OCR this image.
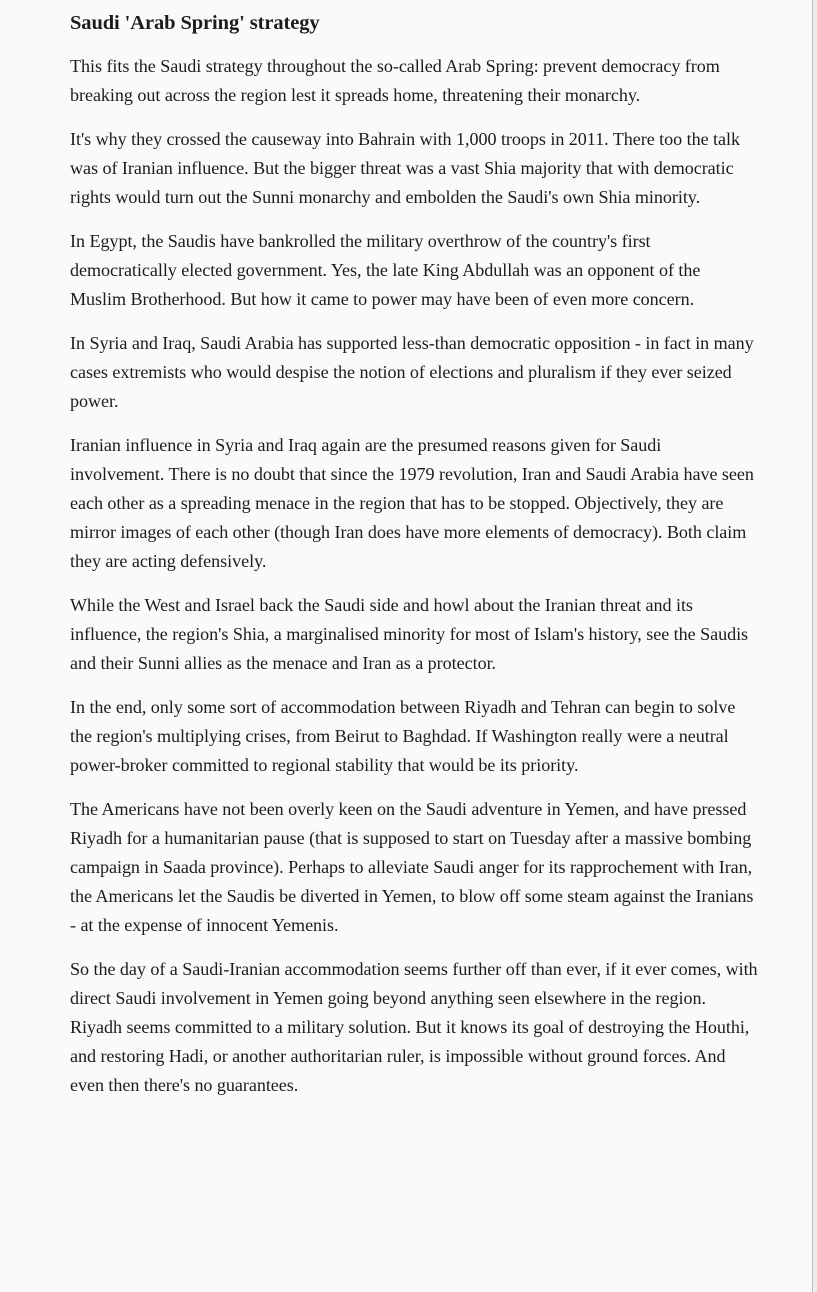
Saudi 'Arab Spring' strategy

This fits the Saudi strategy throughout the so-called Arab Spring: prevent democracy from breaking out across the region lest it spreads home, threatening their monarchy.

It's why they crossed the causeway into Bahrain with 1,000 troops in 2011. There too the talk was of Iranian influence. But the bigger threat was a vast Shia majority that with democratic rights would turn out the Sunni monarchy and embolden the Saudi's own Shia minority.

In Egypt, the Saudis have bankrolled the military overthrow of the country's first democratically elected government. Yes, the late King Abdullah was an opponent of the Muslim Brotherhood. But how it came to power may have been of even more concern.

In Syria and Iraq, Saudi Arabia has supported less-than democratic opposition - in fact in many cases extremists who would despise the notion of elections and pluralism if they ever seized power.

Iranian influence in Syria and Iraq again are the presumed reasons given for Saudi involvement. There is no doubt that since the 1979 revolution, Iran and Saudi Arabia have seen each other as a spreading menace in the region that has to be stopped. Objectively, they are mirror images of each other (though Iran does have more elements of democracy). Both claim they are acting defensively.

While the West and Israel back the Saudi side and howl about the Iranian threat and its influence, the region's Shia, a marginalised minority for most of Islam's history, see the Saudis and their Sunni allies as the menace and Iran as a protector.

In the end, only some sort of accommodation between Riyadh and Tehran can begin to solve the region's multiplying crises, from Beirut to Baghdad. If Washington really were a neutral power-broker committed to regional stability that would be its priority.

The Americans have not been overly keen on the Saudi adventure in Yemen, and have pressed Riyadh for a humanitarian pause (that is supposed to start on Tuesday after a massive bombing campaign in Saada province). Perhaps to alleviate Saudi anger for its rapprochement with Iran, the Americans let the Saudis be diverted in Yemen, to blow off some steam against the Iranians - at the expense of innocent Yemenis.

So the day of a Saudi-Iranian accommodation seems further off than ever, if it ever comes, with direct Saudi involvement in Yemen going beyond anything seen elsewhere in the region. Riyadh seems committed to a military solution. But it knows its goal of destroying the Houthi, and restoring Hadi, or another authoritarian ruler, is impossible without ground forces. And even then there's no guarantees.
